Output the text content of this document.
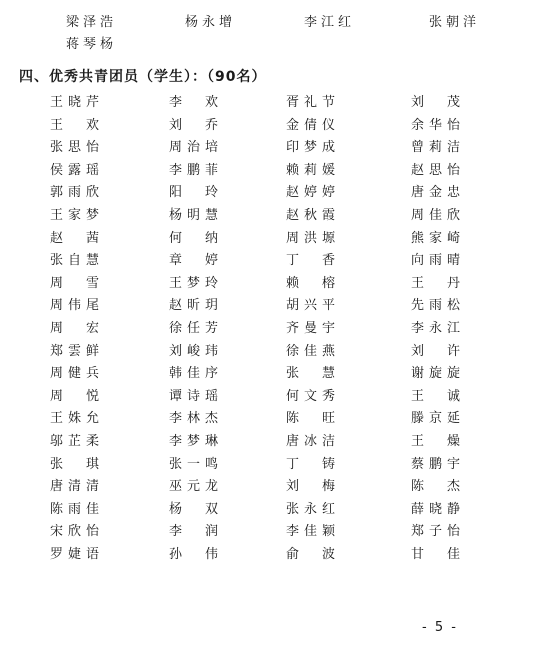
梁泽浩	杨永增	李江红	张朝洋
蒋琴杨
四、优秀共青团员（学生）：（90名）
王晓芹	李　欢	胥礼节	刘　茂
王　欢	刘　乔	金倩仪	余华怡
张思怡	周治培	印梦成	曾莉洁
侯露瑶	李鹏菲	赖莉媛	赵思怡
郭雨欣	阳　玲	赵婷婷	唐金忠
王家梦	杨明慧	赵秋霞	周佳欣
赵　茜	何　纳	周洪塬	熊家崎
张自慧	章　婷	丁　香	向雨晴
周　雪	王梦玲	赖　榕	王　丹
周伟尾	赵昕玥	胡兴平	先雨松
周　宏	徐任芳	齐曼宇	李永江
郑雲鲜	刘峻玮	徐佳燕	刘　许
周健兵	韩佳序	张　慧	谢旋旋
周　悦	谭诗瑶	何文秀	王　诚
王姝允	李林杰	陈　旺	滕京延
邬芷柔	李梦琳	唐冰洁	王　燥
张　琪	张一鸣	丁　铸	蔡鹏宇
唐清清	巫元龙	刘　梅	陈　杰
陈雨佳	杨　双	张永红	薛晓静
宋欣怡	李　润	李佳颖	郑子怡
罗婕语	孙　伟	俞　波	甘　佳
- 5 -
